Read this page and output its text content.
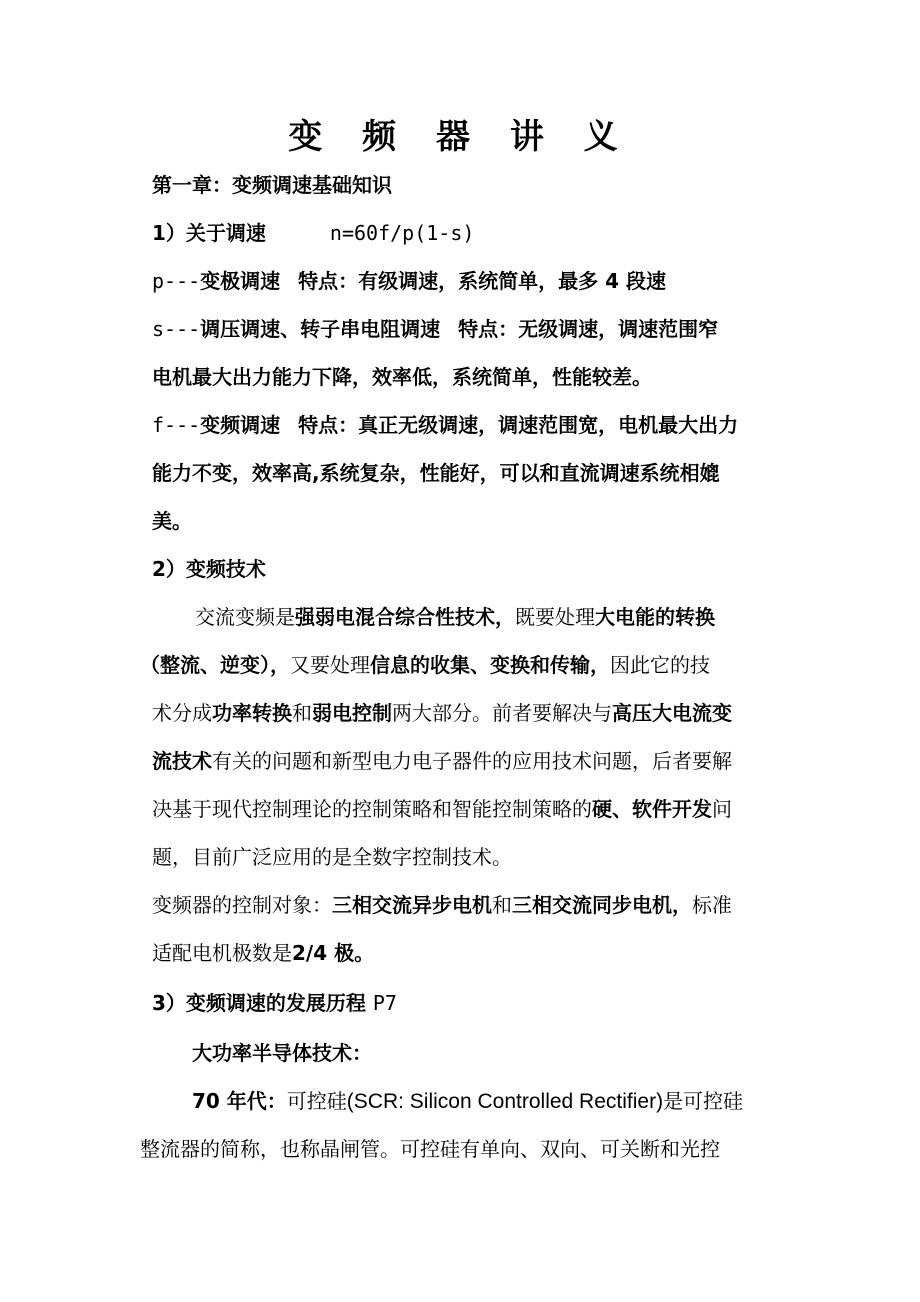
变 频 器 讲 义
第一章：变频调速基础知识
1）关于调速	n=60f/p(1-s)
p---变极调速 特点：有级调速，系统简单，最多 4 段速
s---调压调速、转子串电阻调速 特点：无级调速，调速范围窄
电机最大出力能力下降，效率低，系统简单，性能较差。
f---变频调速 特点：真正无级调速，调速范围宽，电机最大出力
能力不变，效率高,系统复杂，性能好，可以和直流调速系统相媲
美。
2）变频技术
交流变频是强弱电混合综合性技术，既要处理大电能的转换
（整流、逆变），又要处理信息的收集、变换和传输，因此它的技
术分成功率转换和弱电控制两大部分。前者要解决与高压大电流变
流技术有关的问题和新型电力电子器件的应用技术问题，后者要解
决基于现代控制理论的控制策略和智能控制策略的硬、软件开发问
题，目前广泛应用的是全数字控制技术。
变频器的控制对象：三相交流异步电机和三相交流同步电机，标准
适配电机极数是2/4 极。
3）变频调速的发展历程 P7
大功率半导体技术：
70 年代：可控硅(SCR: Silicon Controlled Rectifier)是可控硅
整流器的简称，也称晶闸管。可控硅有单向、双向、可关断和光控
